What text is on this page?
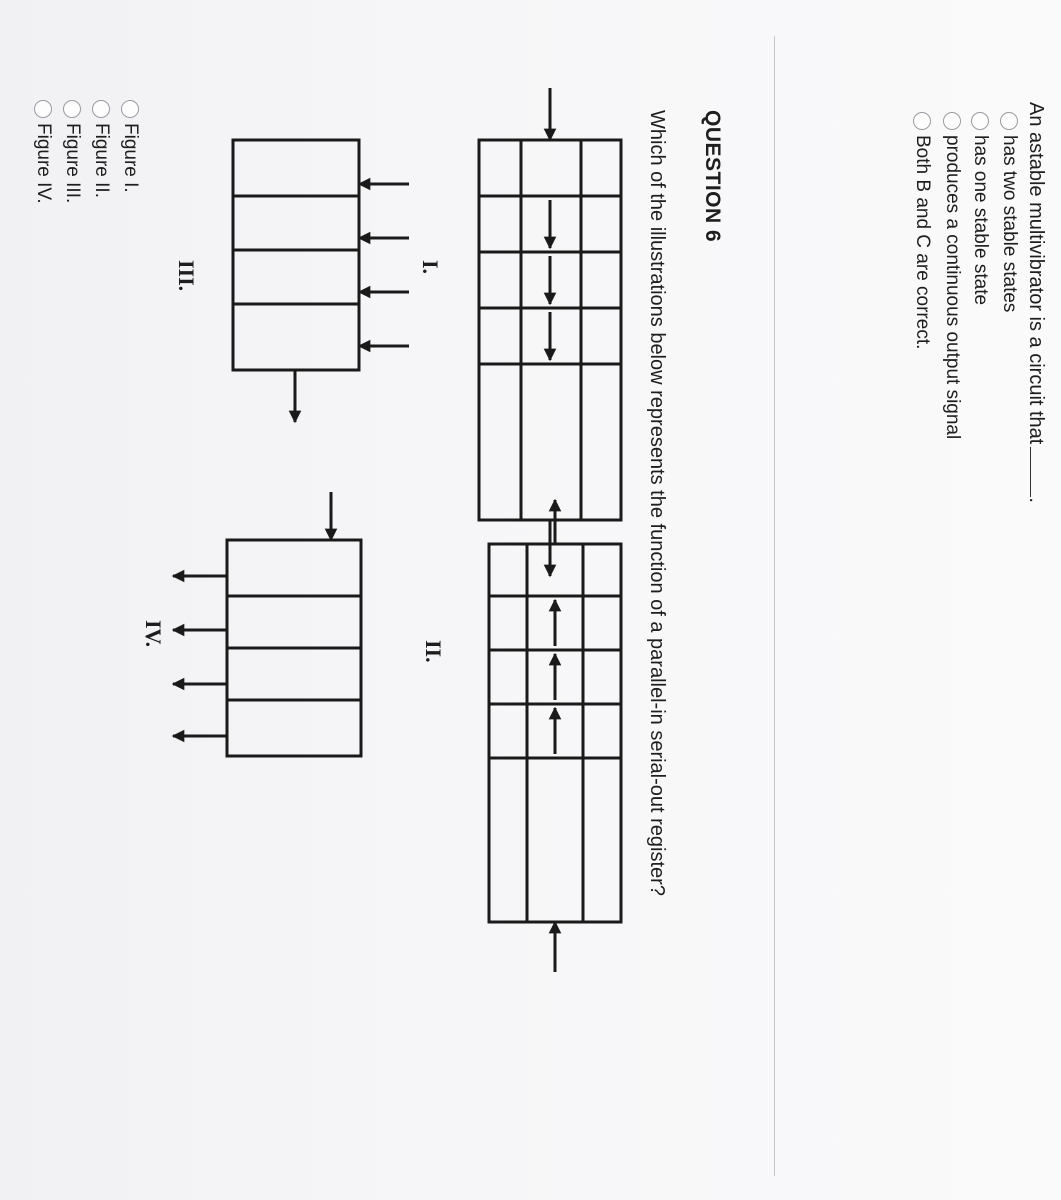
An astable multivibrator is a circuit that.
has two stable states
has one stable state
produces a continuous output signal
Both B and C are correct.
QUESTION 6
Which of the illustrations below represents the function of a parallel-in serial-out register?
I.
II.
III.
IV.
Figure I.
Figure II.
Figure III.
Figure IV.
